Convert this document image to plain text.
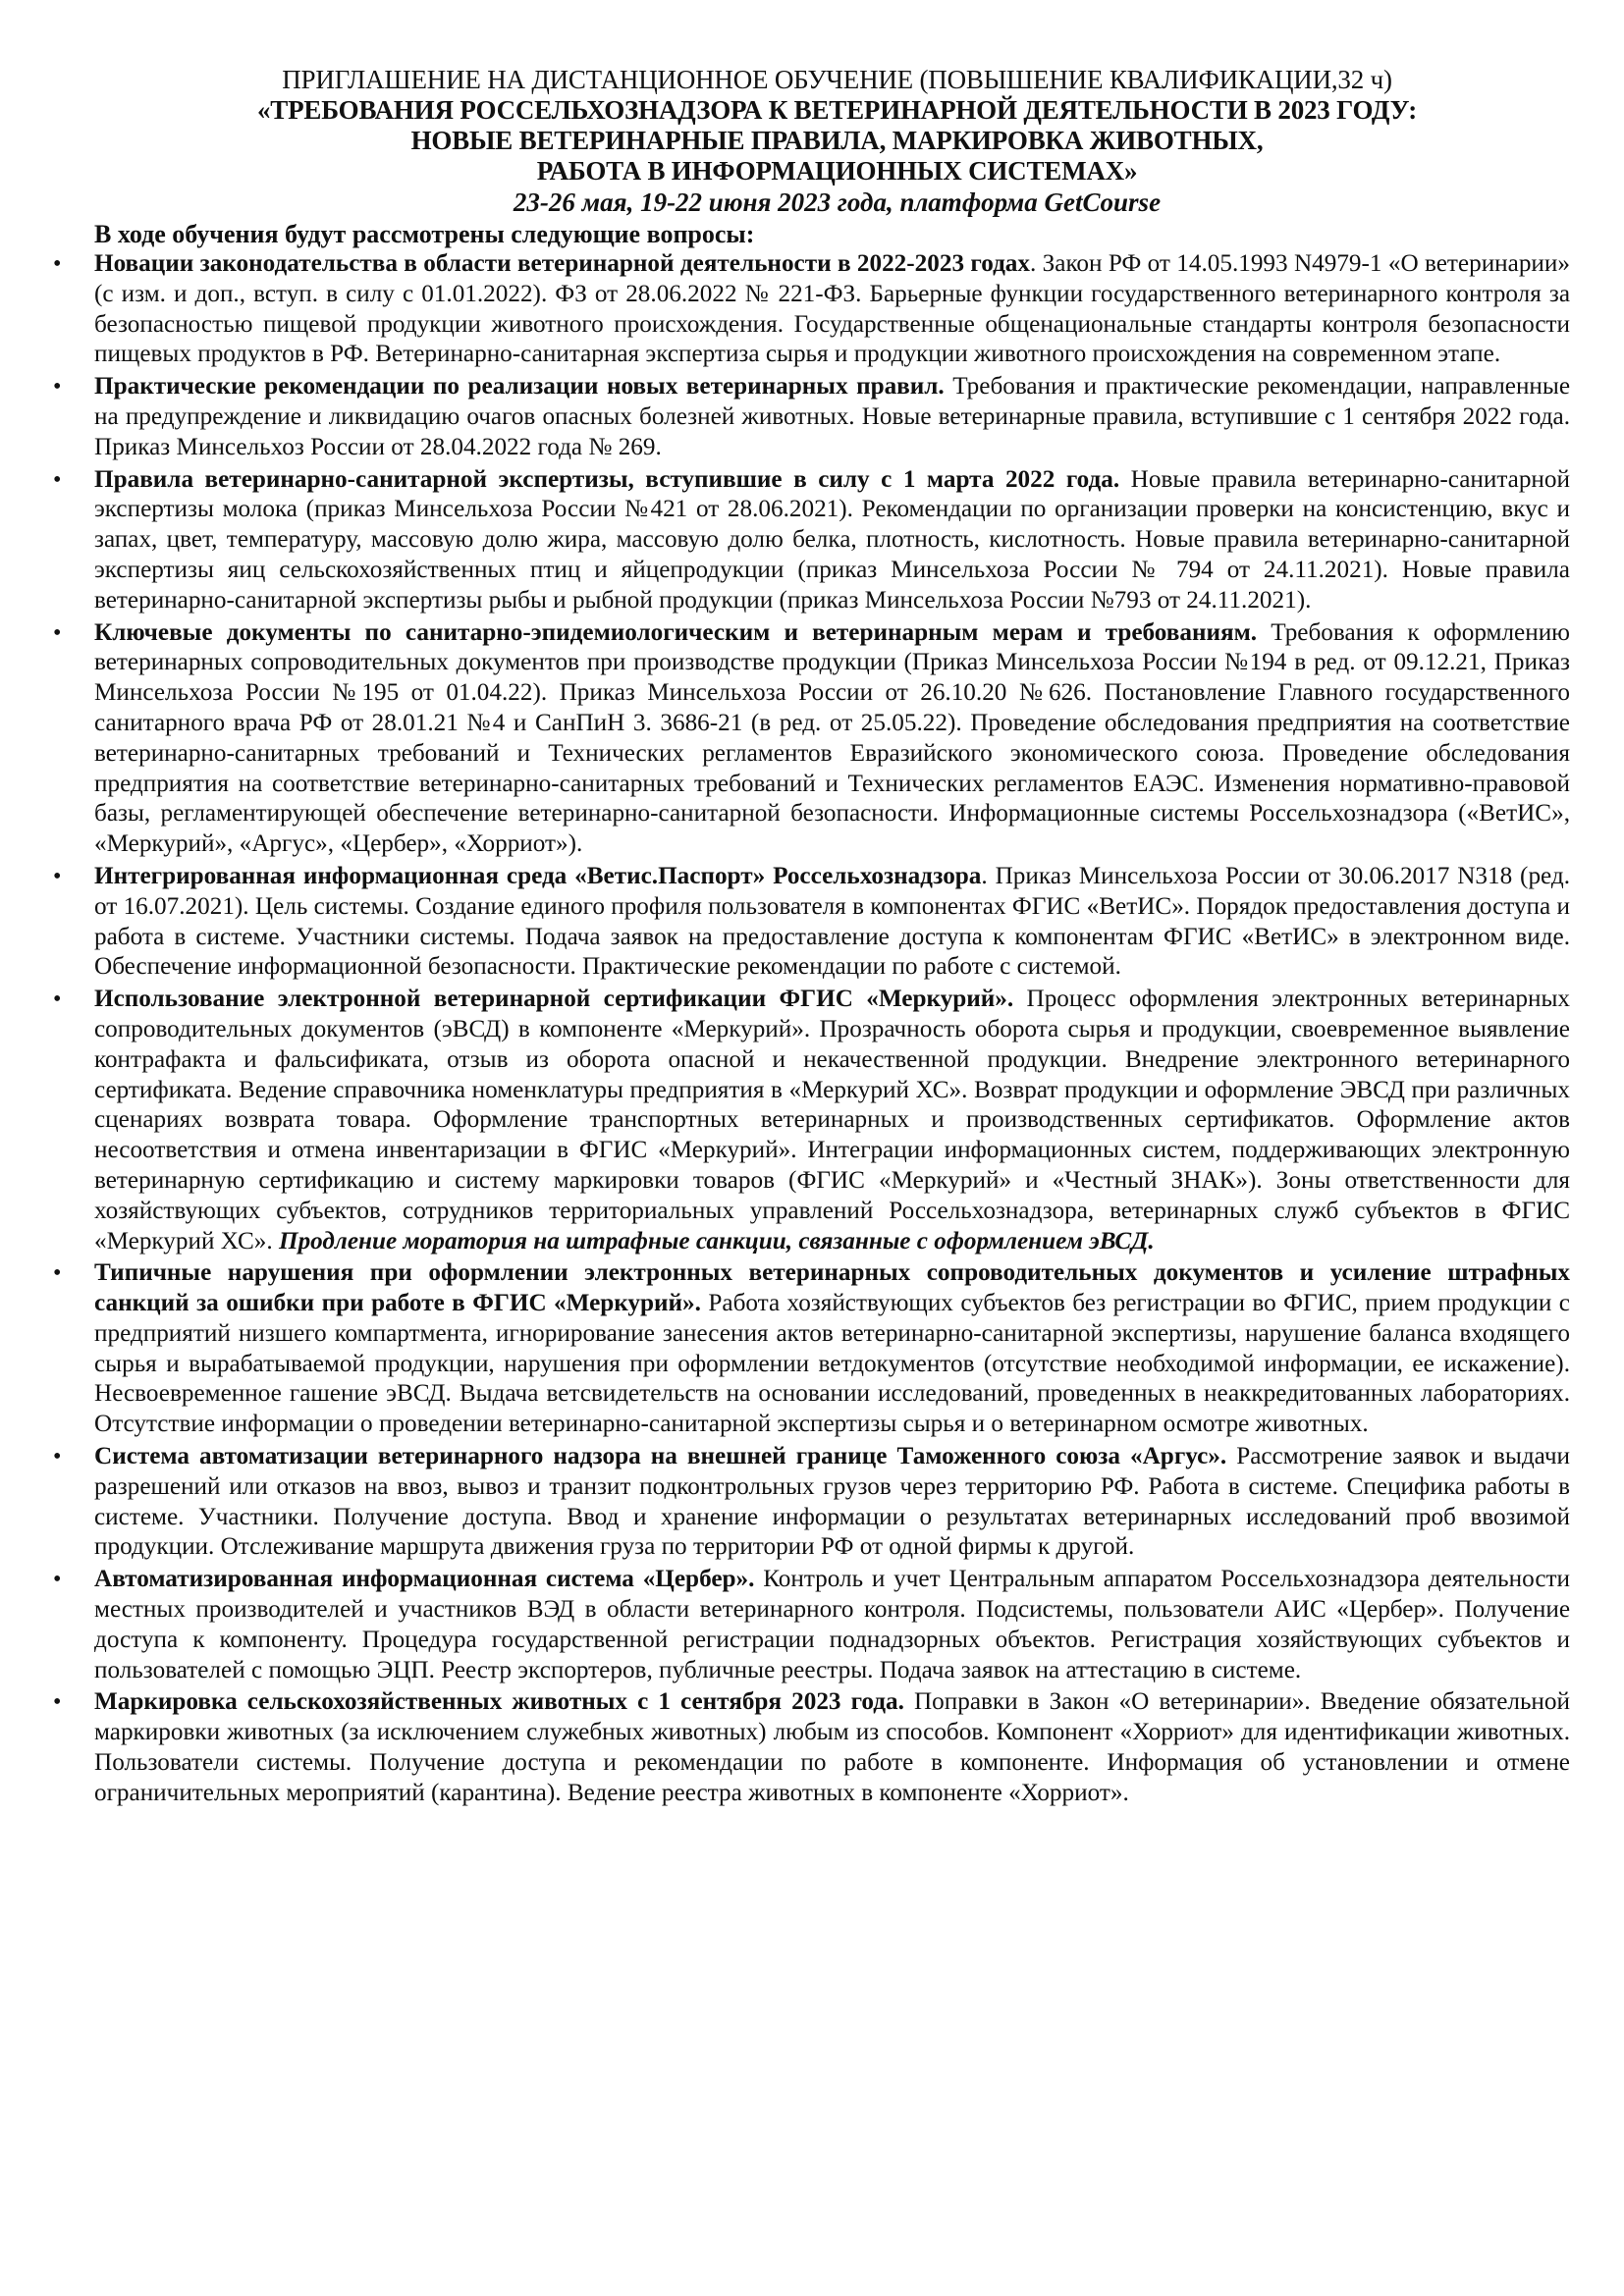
ПРИГЛАШЕНИЕ НА ДИСТАНЦИОННОЕ ОБУЧЕНИЕ (ПОВЫШЕНИЕ КВАЛИФИКАЦИИ,32 ч)
«ТРЕБОВАНИЯ РОССЕЛЬХОЗНАДЗОРА К ВЕТЕРИНАРНОЙ ДЕЯТЕЛЬНОСТИ В 2023 ГОДУ:
НОВЫЕ ВЕТЕРИНАРНЫЕ ПРАВИЛА, МАРКИРОВКА ЖИВОТНЫХ,
РАБОТА В ИНФОРМАЦИОННЫХ СИСТЕМАХ»
23-26 мая, 19-22 июня 2023 года, платформа GetCourse
В ходе обучения будут рассмотрены следующие вопросы:
• Новации законодательства в области ветеринарной деятельности в 2022-2023 годах. Закон РФ от 14.05.1993 N4979-1 «О ветеринарии» (с изм. и доп., вступ. в силу с 01.01.2022). ФЗ от 28.06.2022 № 221-ФЗ. Барьерные функции государственного ветеринарного контроля за безопасностью пищевой продукции животного происхождения. Государственные общенациональные стандарты контроля безопасности пищевых продуктов в РФ. Ветеринарно-санитарная экспертиза сырья и продукции животного происхождения на современном этапе.
• Практические рекомендации по реализации новых ветеринарных правил. Требования и практические рекомендации, направленные на предупреждение и ликвидацию очагов опасных болезней животных. Новые ветеринарные правила, вступившие с 1 сентября 2022 года. Приказ Минсельхоз России от 28.04.2022 года № 269.
• Правила ветеринарно-санитарной экспертизы, вступившие в силу с 1 марта 2022 года. Новые правила ветеринарно-санитарной экспертизы молока (приказ Минсельхоза России №421 от 28.06.2021). Рекомендации по организации проверки на консистенцию, вкус и запах, цвет, температуру, массовую долю жира, массовую долю белка, плотность, кислотность. Новые правила ветеринарно-санитарной экспертизы яиц сельскохозяйственных птиц и яйцепродукции (приказ Минсельхоза России № 794 от 24.11.2021). Новые правила ветеринарно-санитарной экспертизы рыбы и рыбной продукции (приказ Минсельхоза России №793 от 24.11.2021).
• Ключевые документы по санитарно-эпидемиологическим и ветеринарным мерам и требованиям. Требования к оформлению ветеринарных сопроводительных документов при производстве продукции (Приказ Минсельхоза России №194 в ред. от 09.12.21, Приказ Минсельхоза России №195 от 01.04.22). Приказ Минсельхоза России от 26.10.20 №626. Постановление Главного государственного санитарного врача РФ от 28.01.21 №4 и СанПиН 3. 3686-21 (в ред. от 25.05.22). Проведение обследования предприятия на соответствие ветеринарно-санитарных требований и Технических регламентов Евразийского экономического союза. Проведение обследования предприятия на соответствие ветеринарно-санитарных требований и Технических регламентов ЕАЭС. Изменения нормативно-правовой базы, регламентирующей обеспечение ветеринарно-санитарной безопасности. Информационные системы Россельхознадзора («ВетИС», «Меркурий», «Аргус», «Цербер», «Хорриот»).
• Интегрированная информационная среда «Ветис.Паспорт» Россельхознадзора. Приказ Минсельхоза России от 30.06.2017 N318 (ред. от 16.07.2021). Цель системы. Создание единого профиля пользователя в компонентах ФГИС «ВетИС». Порядок предоставления доступа и работа в системе. Участники системы. Подача заявок на предоставление доступа к компонентам ФГИС «ВетИС» в электронном виде. Обеспечение информационной безопасности. Практические рекомендации по работе с системой.
• Использование электронной ветеринарной сертификации ФГИС «Меркурий». Процесс оформления электронных ветеринарных сопроводительных документов (эВСД) в компоненте «Меркурий». Прозрачность оборота сырья и продукции, своевременное выявление контрафакта и фальсификата, отзыв из оборота опасной и некачественной продукции. Внедрение электронного ветеринарного сертификата. Ведение справочника номенклатуры предприятия в «Меркурий ХС». Возврат продукции и оформление ЭВСД при различных сценариях возврата товара. Оформление транспортных ветеринарных и производственных сертификатов. Оформление актов несоответствия и отмена инвентаризации в ФГИС «Меркурий». Интеграции информационных систем, поддерживающих электронную ветеринарную сертификацию и систему маркировки товаров (ФГИС «Меркурий» и «Честный ЗНАК»). Зоны ответственности для хозяйствующих субъектов, сотрудников территориальных управлений Россельхознадзора, ветеринарных служб субъектов в ФГИС «Меркурий ХС». Продление моратория на штрафные санкции, связанные с оформлением эВСД.
• Типичные нарушения при оформлении электронных ветеринарных сопроводительных документов и усиление штрафных санкций за ошибки при работе в ФГИС «Меркурий». Работа хозяйствующих субъектов без регистрации во ФГИС, прием продукции с предприятий низшего компартмента, игнорирование занесения актов ветеринарно-санитарной экспертизы, нарушение баланса входящего сырья и вырабатываемой продукции, нарушения при оформлении ветдокументов (отсутствие необходимой информации, ее искажение). Несвоевременное гашение эВСД. Выдача ветсвидетельств на основании исследований, проведенных в неаккредитованных лабораториях. Отсутствие информации о проведении ветеринарно-санитарной экспертизы сырья и о ветеринарном осмотре животных.
• Система автоматизации ветеринарного надзора на внешней границе Таможенного союза «Аргус». Рассмотрение заявок и выдачи разрешений или отказов на ввоз, вывоз и транзит подконтрольных грузов через территорию РФ. Работа в системе. Специфика работы в системе. Участники. Получение доступа. Ввод и хранение информации о результатах ветеринарных исследований проб ввозимой продукции. Отслеживание маршрута движения груза по территории РФ от одной фирмы к другой.
• Автоматизированная информационная система «Цербер». Контроль и учет Центральным аппаратом Россельхознадзора деятельности местных производителей и участников ВЭД в области ветеринарного контроля. Подсистемы, пользователи АИС «Цербер». Получение доступа к компоненту. Процедура государственной регистрации поднадзорных объектов. Регистрация хозяйствующих субъектов и пользователей с помощью ЭЦП. Реестр экспортеров, публичные реестры. Подача заявок на аттестацию в системе.
• Маркировка сельскохозяйственных животных с 1 сентября 2023 года. Поправки в Закон «О ветеринарии». Введение обязательной маркировки животных (за исключением служебных животных) любым из способов. Компонент «Хорриот» для идентификации животных. Пользователи системы. Получение доступа и рекомендации по работе в компоненте. Информация об установлении и отмене ограничительных мероприятий (карантина). Ведение реестра животных в компоненте «Хорриот».
